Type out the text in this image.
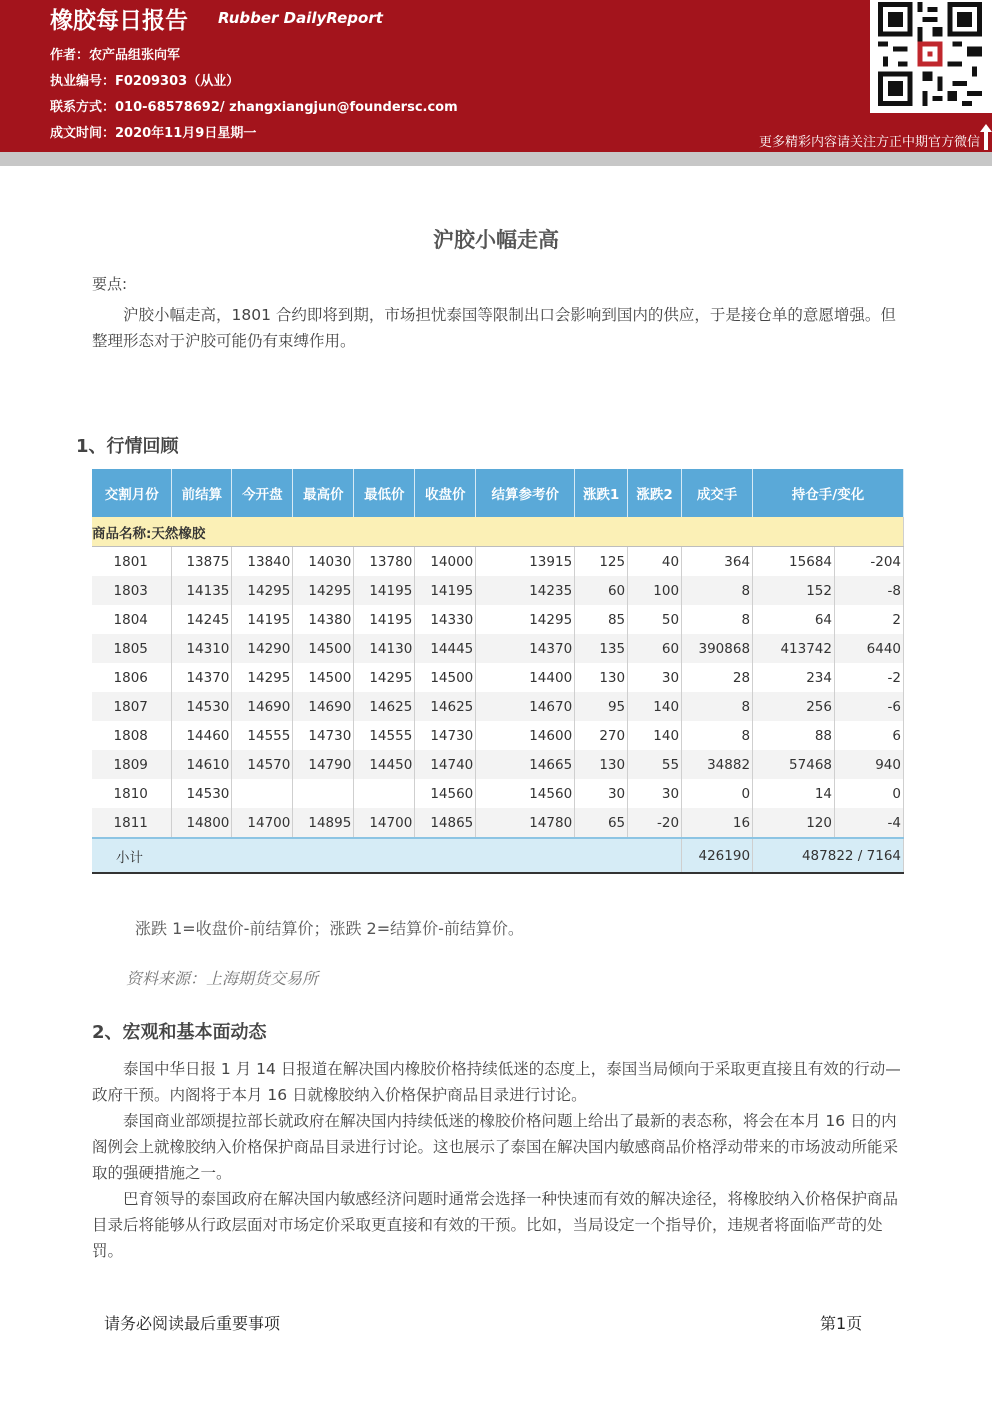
橡胶每日报告 Rubber DailyReport
作者：农产品组张向军
执业编号：F0209303（从业）
联系方式：010-68578692/ zhangxiangjun@foundersc.com
成文时间：2020年11月9日星期一
更多精彩内容请关注方正中期官方微信
沪胶小幅走高
要点:

沪胶小幅走高，1801 合约即将到期，市场担忧泰国等限制出口会影响到国内的供应，于是接仓单的意愿增强。但整理形态对于沪胶可能仍有束缚作用。

1、行情回顾
交割月份	前结算	今开盘	最高价	最低价	收盘价	结算参考价	涨跌1	涨跌2	成交手	持仓手/变化	
商品名称:天然橡胶											
1801	13875	13840	14030	13780	14000	13915	125	40	364	15684	-204
1803	14135	14295	14295	14195	14195	14235	60	100	8	152	-8
1804	14245	14195	14380	14195	14330	14295	85	50	8	64	2
1805	14310	14290	14500	14130	14445	14370	135	60	390868	413742	6440
1806	14370	14295	14500	14295	14500	14400	130	30	28	234	-2
1807	14530	14690	14690	14625	14625	14670	95	140	8	256	-6
1808	14460	14555	14730	14555	14730	14600	270	140	8	88	6
1809	14610	14570	14790	14450	14740	14665	130	55	34882	57468	940
1810	14530				14560	14560	30	30	0	14	0
1811	14800	14700	14895	14700	14865	14780	65	-20	16	120	-4
小计									426190	487822 / 7164	
涨跌 1=收盘价-前结算价；涨跌 2=结算价-前结算价。
资料来源：上海期货交易所
2、宏观和基本面动态

泰国中华日报 1 月 14 日报道在解决国内橡胶价格持续低迷的态度上，泰国当局倾向于采取更直接且有效的行动—政府干预。内阁将于本月 16 日就橡胶纳入价格保护商品目录进行讨论。

泰国商业部颂提拉部长就政府在解决国内持续低迷的橡胶价格问题上给出了最新的表态称，将会在本月 16 日的内阁例会上就橡胶纳入价格保护商品目录进行讨论。这也展示了泰国在解决国内敏感商品价格浮动带来的市场波动所能采取的强硬措施之一。

巴育领导的泰国政府在解决国内敏感经济问题时通常会选择一种快速而有效的解决途径，将橡胶纳入价格保护商品目录后将能够从行政层面对市场定价采取更直接和有效的干预。比如，当局设定一个指导价，违规者将面临严苛的处罚。

请务必阅读最后重要事项	第1页
